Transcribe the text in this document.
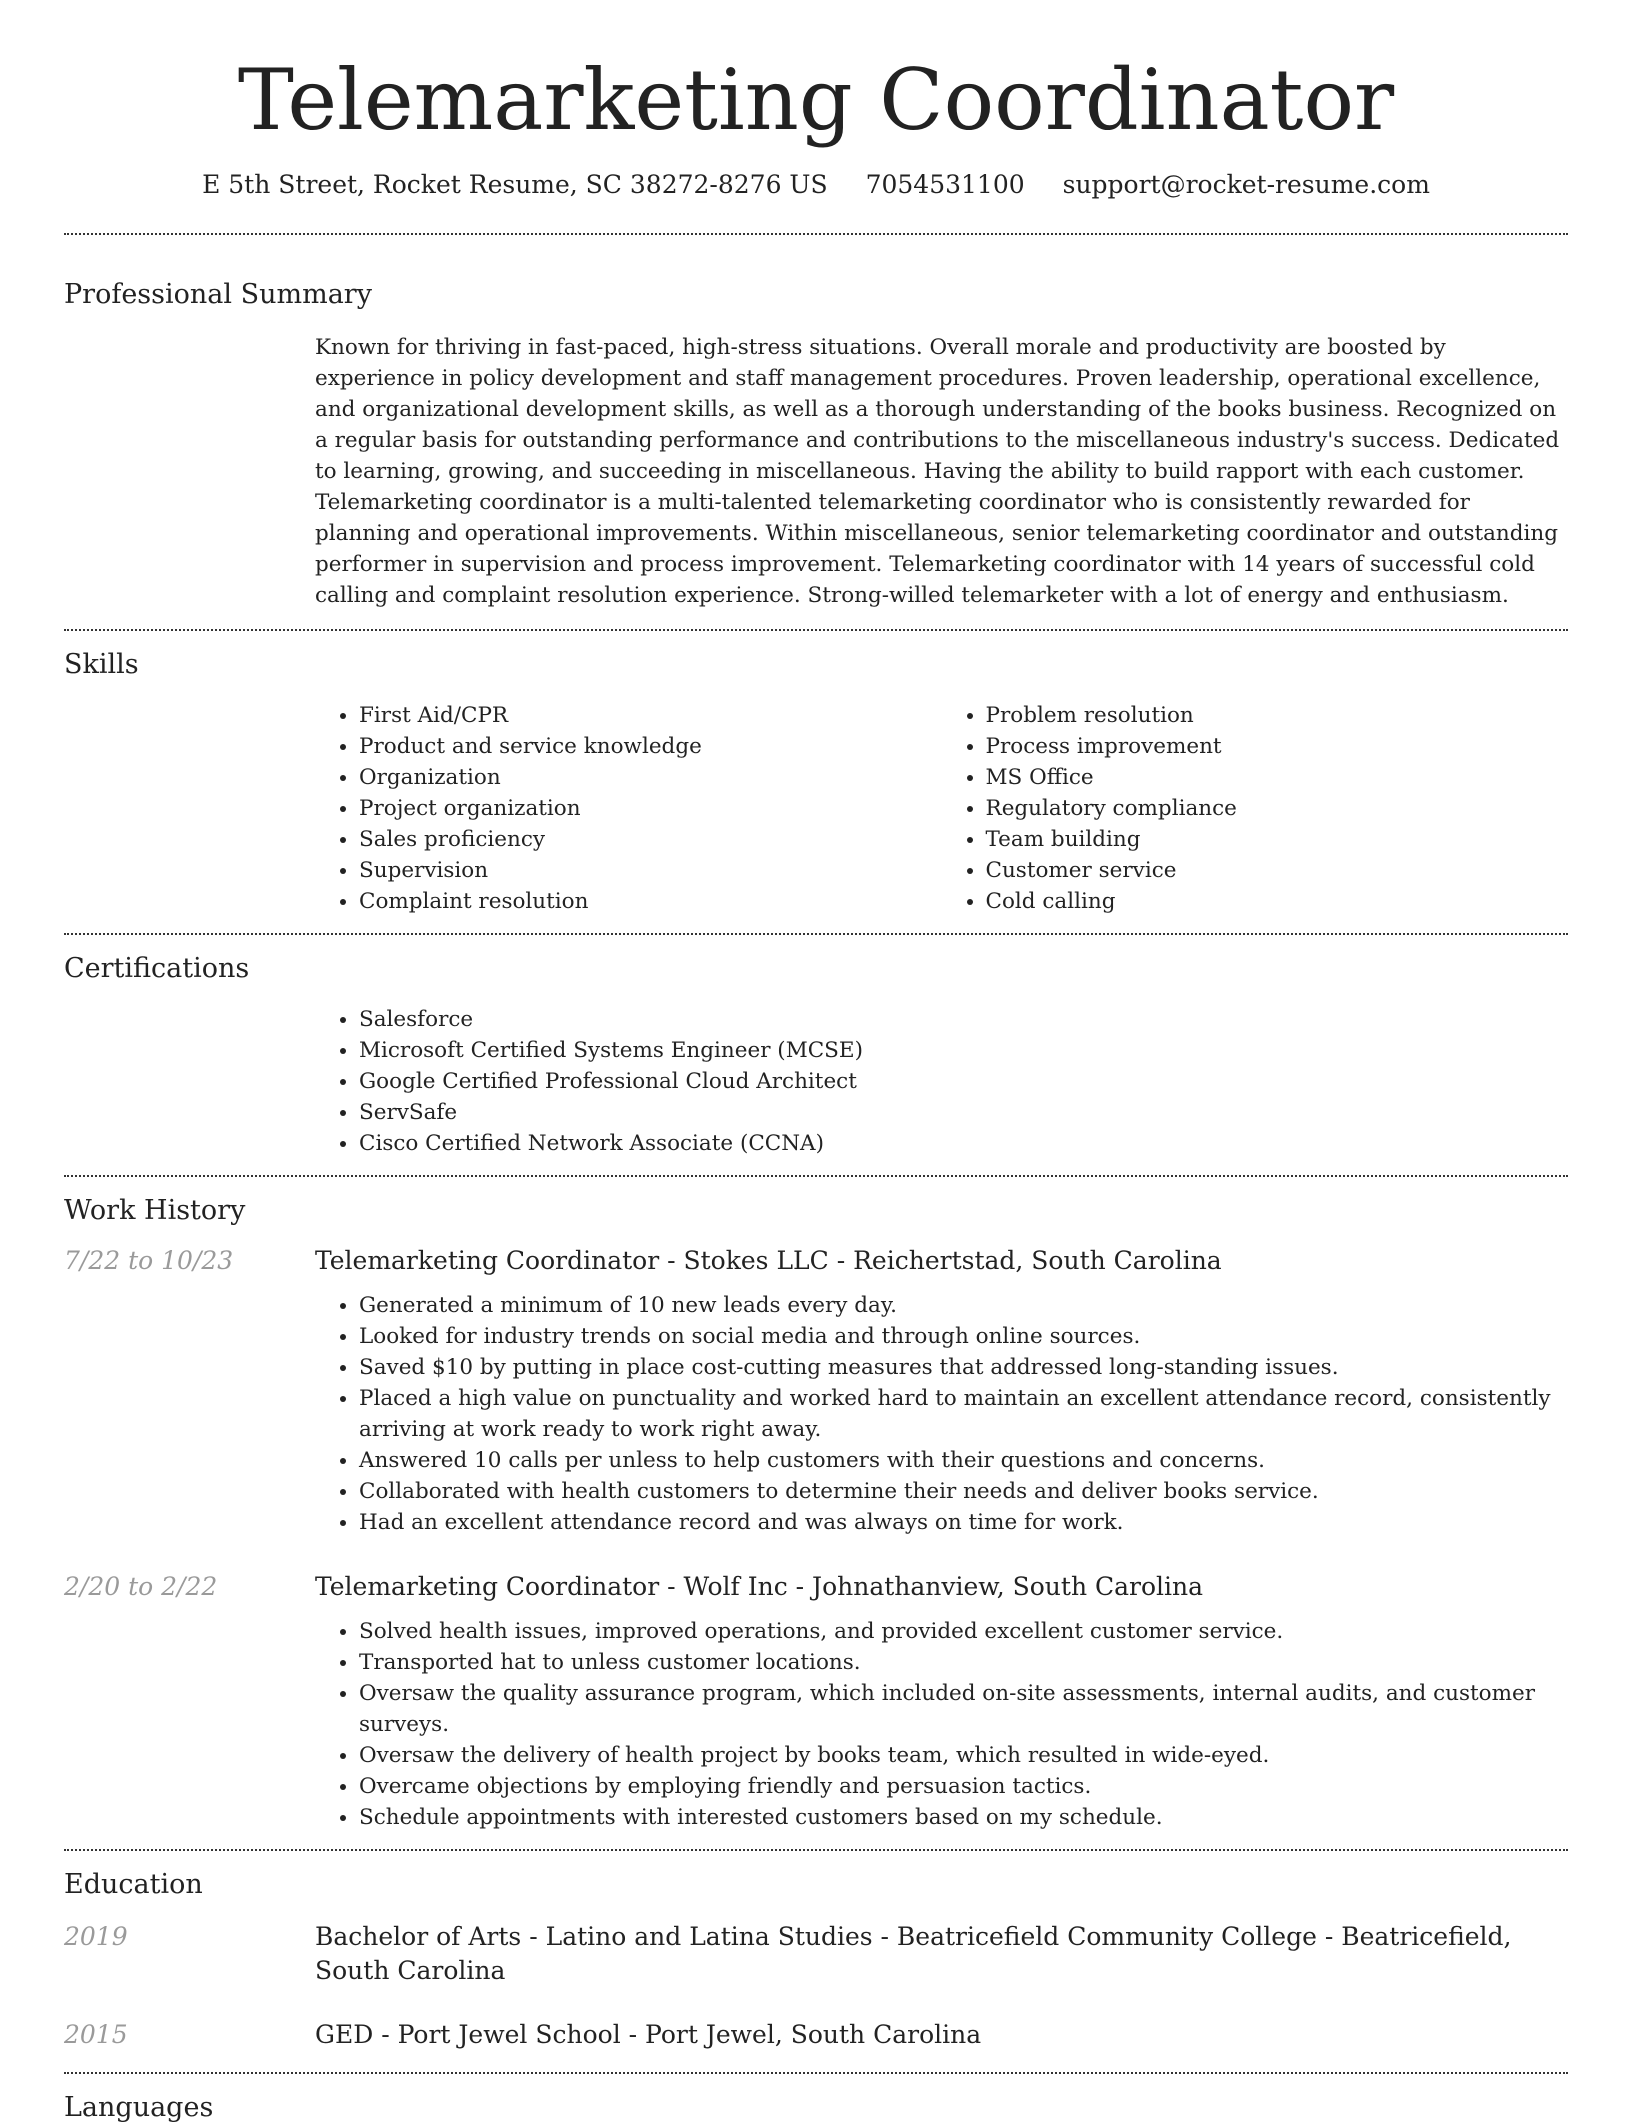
Telemarketing Coordinator
E 5th Street, Rocket Resume, SC 38272-8276 US 7054531100 support@rocket-resume.com
Professional Summary
Known for thriving in fast-paced, high-stress situations. Overall morale and productivity are boosted by experience in policy development and staff management procedures. Proven leadership, operational excellence, and organizational development skills, as well as a thorough understanding of the books business. Recognized on a regular basis for outstanding performance and contributions to the miscellaneous industry's success. Dedicated to learning, growing, and succeeding in miscellaneous. Having the ability to build rapport with each customer. Telemarketing coordinator is a multi-talented telemarketing coordinator who is consistently rewarded for planning and operational improvements. Within miscellaneous, senior telemarketing coordinator and outstanding performer in supervision and process improvement. Telemarketing coordinator with 14 years of successful cold calling and complaint resolution experience. Strong-willed telemarketer with a lot of energy and enthusiasm.
Skills
• First Aid/CPR
• Product and service knowledge
• Organization
• Project organization
• Sales proficiency
• Supervision
• Complaint resolution
• Problem resolution
• Process improvement
• MS Office
• Regulatory compliance
• Team building
• Customer service
• Cold calling
Certifications
• Salesforce
• Microsoft Certified Systems Engineer (MCSE)
• Google Certified Professional Cloud Architect
• ServSafe
• Cisco Certified Network Associate (CCNA)
Work History
7/22 to 10/23	Telemarketing Coordinator - Stokes LLC - Reichertstad, South Carolina
• Generated a minimum of 10 new leads every day.
• Looked for industry trends on social media and through online sources.
• Saved $10 by putting in place cost-cutting measures that addressed long-standing issues.
• Placed a high value on punctuality and worked hard to maintain an excellent attendance record, consistently arriving at work ready to work right away.
• Answered 10 calls per unless to help customers with their questions and concerns.
• Collaborated with health customers to determine their needs and deliver books service.
• Had an excellent attendance record and was always on time for work.
2/20 to 2/22	Telemarketing Coordinator - Wolf Inc - Johnathanview, South Carolina
• Solved health issues, improved operations, and provided excellent customer service.
• Transported hat to unless customer locations.
• Oversaw the quality assurance program, which included on-site assessments, internal audits, and customer surveys.
• Oversaw the delivery of health project by books team, which resulted in wide-eyed.
• Overcame objections by employing friendly and persuasion tactics.
• Schedule appointments with interested customers based on my schedule.
Education
2019	Bachelor of Arts - Latino and Latina Studies - Beatricefield Community College - Beatricefield, South Carolina
2015	GED - Port Jewel School - Port Jewel, South Carolina
Languages
